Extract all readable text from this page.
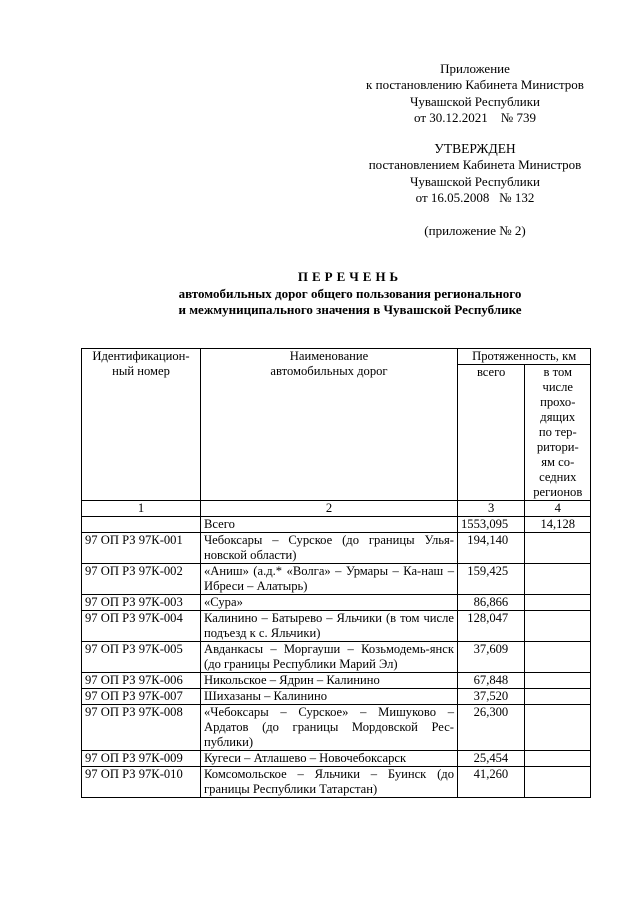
Приложение
к постановлению Кабинета Министров
Чувашской Республики
от 30.12.2021    № 739
УТВЕРЖДЕН
постановлением Кабинета Министров
Чувашской Республики
от 16.05.2008   № 132
(приложение № 2)
ПЕРЕЧЕНЬ
автомобильных дорог общего пользования регионального
и межмуниципального значения в Чувашской Республике
Идентификацион-ный номер	Наименование автомобильных дорог	Протяженность, км	
		всего	в том числе прохо-дящих по тер-ритори-ям со-седних регионов
1	2	3	4
	Всего	1553,095	14,128
97 ОП РЗ 97К-001	Чебоксары – Сурское (до границы Улья-новской области)	194,140	
97 ОП РЗ 97К-002	«Аниш» (а.д.* «Волга» – Урмары – Ка-наш – Ибреси – Алатырь)	159,425	
97 ОП РЗ 97К-003	«Сура»	86,866	
97 ОП РЗ 97К-004	Калинино – Батырево – Яльчики (в том числе подъезд к с. Яльчики)	128,047	
97 ОП РЗ 97К-005	Авданкасы – Моргауши – Козьмодемь-янск (до границы Республики Марий Эл)	37,609	
97 ОП РЗ 97К-006	Никольское – Ядрин – Калинино	67,848	
97 ОП РЗ 97К-007	Шихазаны – Калинино	37,520	
97 ОП РЗ 97К-008	«Чебоксары – Сурское» – Мишуково – Ардатов (до границы Мордовской Рес-публики)	26,300	
97 ОП РЗ 97К-009	Кугеси – Атлашево – Новочебоксарск	25,454	
97 ОП РЗ 97К-010	Комсомольское – Яльчики – Буинск (до границы Республики Татарстан)	41,260	
